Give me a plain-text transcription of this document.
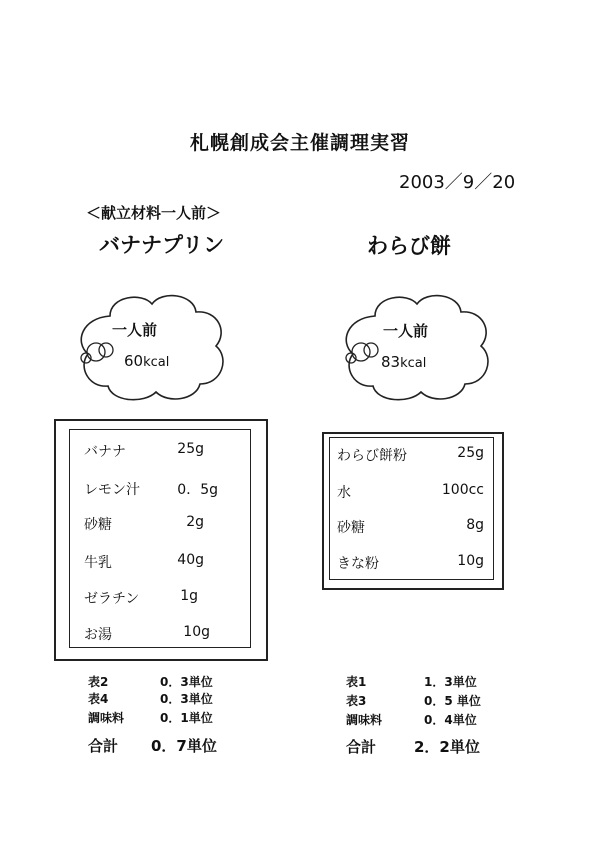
札幌創成会主催調理実習
2003／9／20
＜献立材料一人前＞
バナナプリン
一人前
60kcal
バナナ	25g
レモン汁	0．5g
砂糖	2g
牛乳	40g
ゼラチン	1g
お湯	10g
表2	0．3単位
表4	0．3単位
調味料	0．1単位
合計 0．7単位
わらび餅
一人前
83kcal
わらび餅粉	25g
水	100cc
砂糖	8g
きな粉	10g
表1	1．3単位
表3	0．5 単位
調味料	0．4単位
合計	2．2単位
